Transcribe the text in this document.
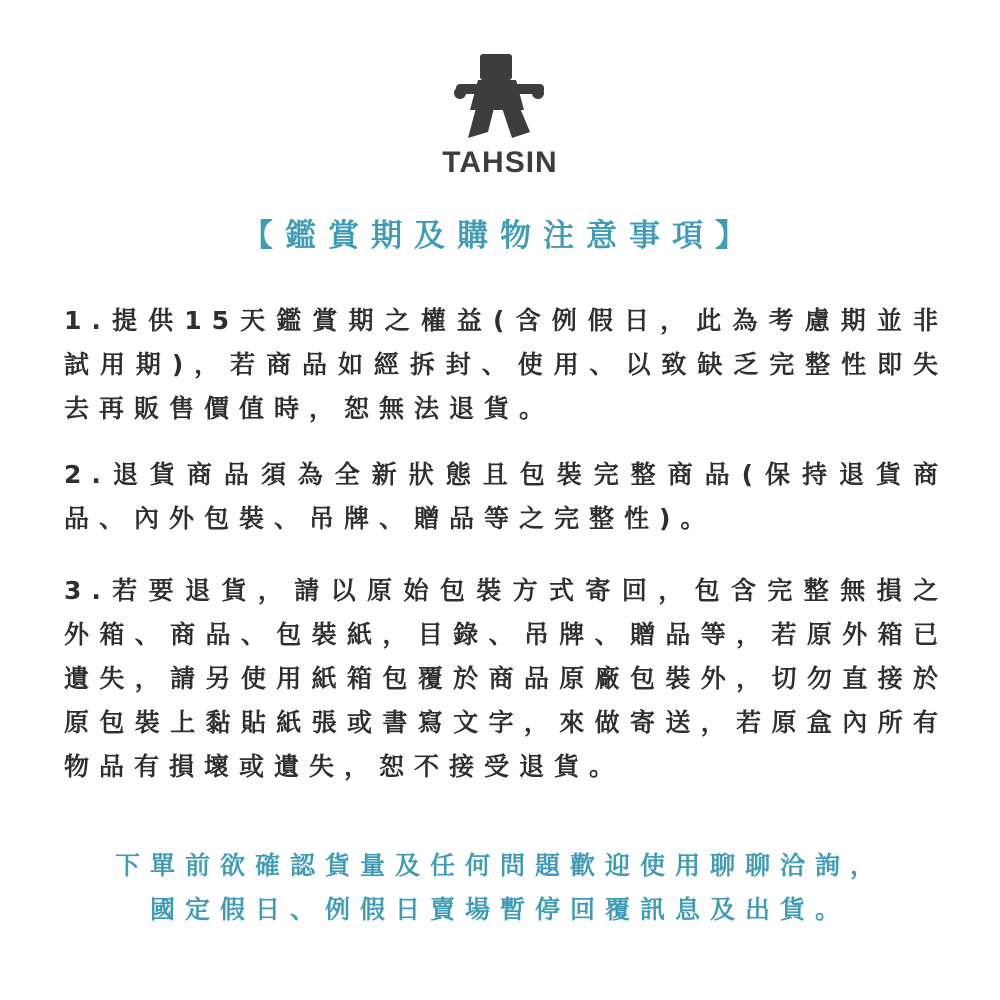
TAHSIN
【鑑賞期及購物注意事項】

1.提供15天鑑賞期之權益(含例假日，此為考慮期並非試用期)，若商品如經拆封、使用、以致缺乏完整性即失去再販售價值時，恕無法退貨。

2.退貨商品須為全新狀態且包裝完整商品(保持退貨商品、內外包裝、吊牌、贈品等之完整性)。

3.若要退貨，請以原始包裝方式寄回，包含完整無損之外箱、商品、包裝紙，目錄、吊牌、贈品等，若原外箱已遺失，請另使用紙箱包覆於商品原廠包裝外，切勿直接於原包裝上黏貼紙張或書寫文字，來做寄送，若原盒內所有物品有損壞或遺失，恕不接受退貨。

下單前欲確認貨量及任何問題歡迎使用聊聊洽詢，

國定假日、例假日賣場暫停回覆訊息及出貨。
